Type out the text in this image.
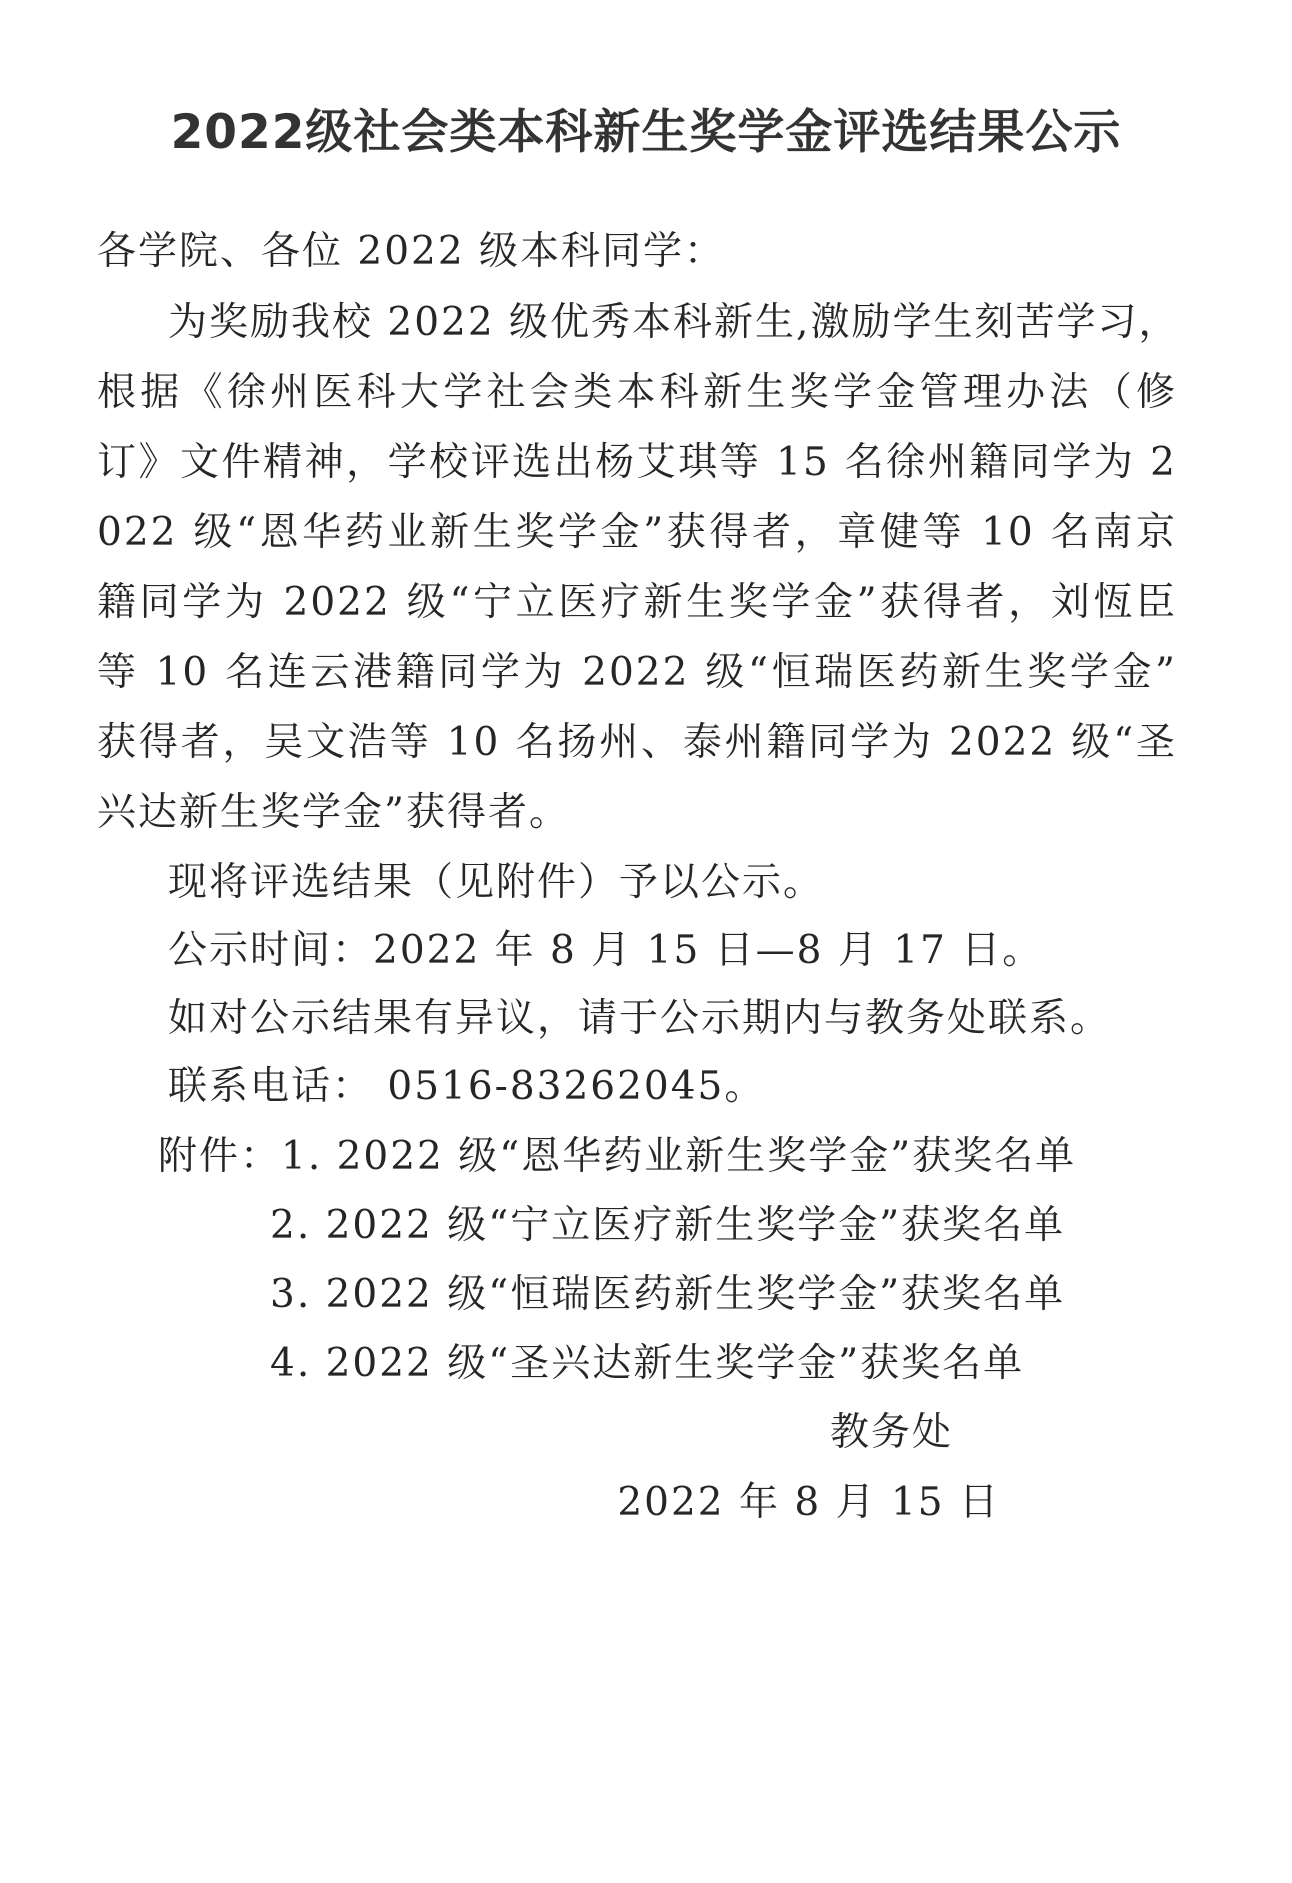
2022级社会类本科新生奖学金评选结果公示

各学院、各位 2022 级本科同学：

为奖励我校 2022 级优秀本科新生,激励学生刻苦学习，

根据《徐州医科大学社会类本科新生奖学金管理办法（修

订》文件精神，学校评选出杨艾琪等 15 名徐州籍同学为 2

022 级“恩华药业新生奖学金”获得者，章健等 10 名南京

籍同学为 2022 级“宁立医疗新生奖学金”获得者，刘恆臣

等 10 名连云港籍同学为 2022 级“恒瑞医药新生奖学金”

获得者，吴文浩等 10 名扬州、泰州籍同学为 2022 级“圣

兴达新生奖学金”获得者。

现将评选结果（见附件）予以公示。

公示时间：2022 年 8 月 15 日—8 月 17 日。

如对公示结果有异议，请于公示期内与教务处联系。

联系电话： 0516-83262045。

附件：1. 2022 级“恩华药业新生奖学金”获奖名单

2. 2022 级“宁立医疗新生奖学金”获奖名单

3. 2022 级“恒瑞医药新生奖学金”获奖名单

4. 2022 级“圣兴达新生奖学金”获奖名单

教务处

2022 年 8 月 15 日
